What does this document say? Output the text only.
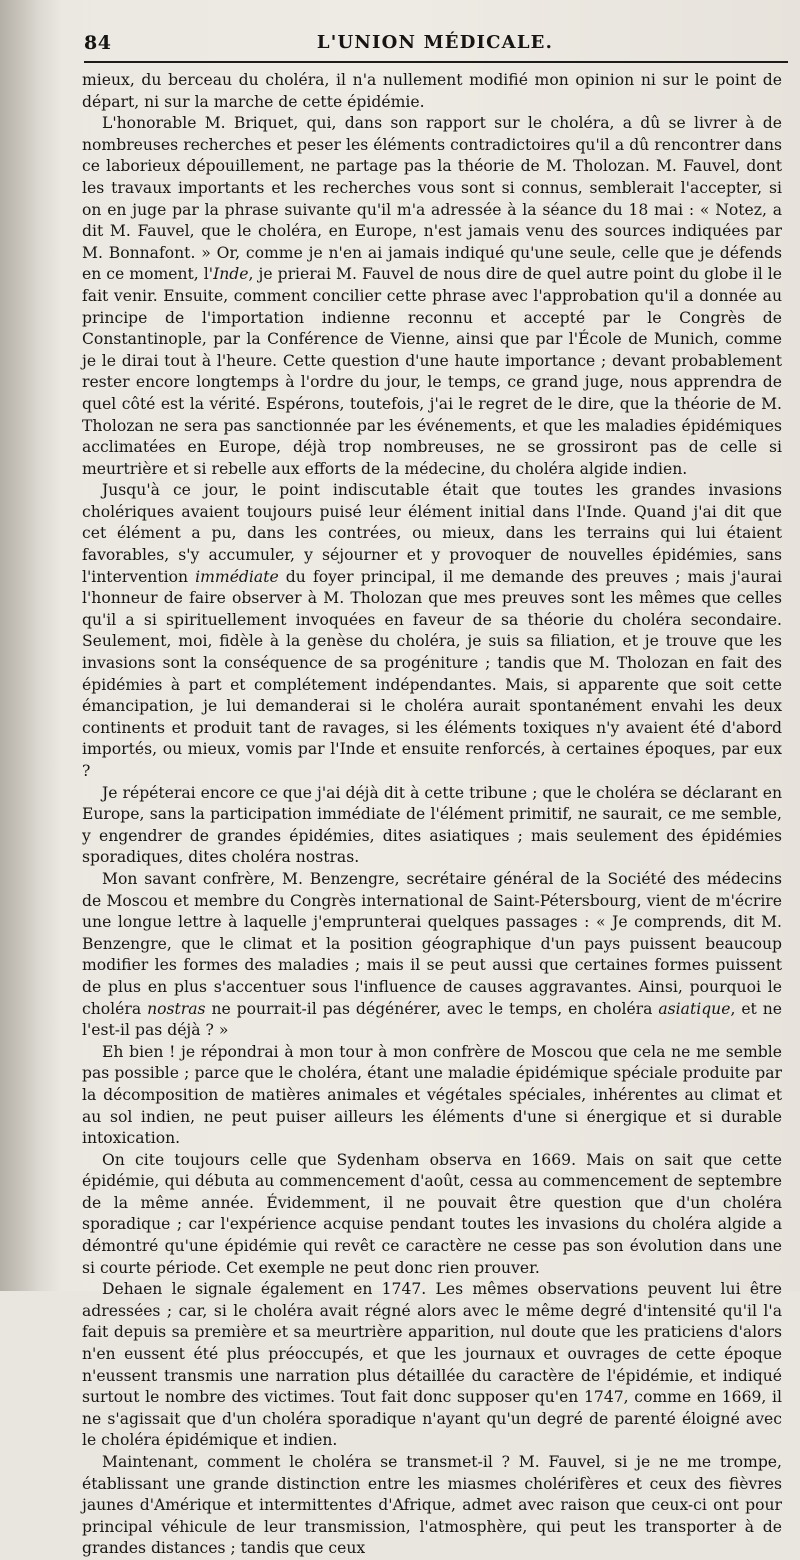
84	L'UNION MÉDICALE.

mieux, du berceau du choléra, il n'a nullement modifié mon opinion ni sur le point de départ, ni sur la marche de cette épidémie.

L'honorable M. Briquet, qui, dans son rapport sur le choléra, a dû se livrer à de nombreuses recherches et peser les éléments contradictoires qu'il a dû rencontrer dans ce laborieux dépouillement, ne partage pas la théorie de M. Tholozan. M. Fauvel, dont les travaux importants et les recherches vous sont si connus, semblerait l'accepter, si on en juge par la phrase suivante qu'il m'a adressée à la séance du 18 mai : « Notez, a dit M. Fauvel, que le choléra, en Europe, n'est jamais venu des sources indiquées par M. Bonnafont. » Or, comme je n'en ai jamais indiqué qu'une seule, celle que je défends en ce moment, l'Inde, je prierai M. Fauvel de nous dire de quel autre point du globe il le fait venir. Ensuite, comment concilier cette phrase avec l'approbation qu'il a donnée au principe de l'importation indienne reconnu et accepté par le Congrès de Constantinople, par la Conférence de Vienne, ainsi que par l'École de Munich, comme je le dirai tout à l'heure. Cette question d'une haute importance ; devant probablement rester encore longtemps à l'ordre du jour, le temps, ce grand juge, nous apprendra de quel côté est la vérité. Espérons, toutefois, j'ai le regret de le dire, que la théorie de M. Tholozan ne sera pas sanctionnée par les événements, et que les maladies épidémiques acclimatées en Europe, déjà trop nombreuses, ne se grossiront pas de celle si meurtrière et si rebelle aux efforts de la médecine, du choléra algide indien.

Jusqu'à ce jour, le point indiscutable était que toutes les grandes invasions cholériques avaient toujours puisé leur élément initial dans l'Inde. Quand j'ai dit que cet élément a pu, dans les contrées, ou mieux, dans les terrains qui lui étaient favorables, s'y accumuler, y séjourner et y provoquer de nouvelles épidémies, sans l'intervention immédiate du foyer principal, il me demande des preuves ; mais j'aurai l'honneur de faire observer à M. Tholozan que mes preuves sont les mêmes que celles qu'il a si spirituellement invoquées en faveur de sa théorie du choléra secondaire. Seulement, moi, fidèle à la genèse du choléra, je suis sa filiation, et je trouve que les invasions sont la conséquence de sa progéniture ; tandis que M. Tholozan en fait des épidémies à part et complétement indépendantes. Mais, si apparente que soit cette émancipation, je lui demanderai si le choléra aurait spontanément envahi les deux continents et produit tant de ravages, si les éléments toxiques n'y avaient été d'abord importés, ou mieux, vomis par l'Inde et ensuite renforcés, à certaines époques, par eux ?

Je répéterai encore ce que j'ai déjà dit à cette tribune ; que le choléra se déclarant en Europe, sans la participation immédiate de l'élément primitif, ne saurait, ce me semble, y engendrer de grandes épidémies, dites asiatiques ; mais seulement des épidémies sporadiques, dites choléra nostras.

Mon savant confrère, M. Benzengre, secrétaire général de la Société des médecins de Moscou et membre du Congrès international de Saint-Pétersbourg, vient de m'écrire une longue lettre à laquelle j'emprunterai quelques passages : « Je comprends, dit M. Benzengre, que le climat et la position géographique d'un pays puissent beaucoup modifier les formes des maladies ; mais il se peut aussi que certaines formes puissent de plus en plus s'accentuer sous l'influence de causes aggravantes. Ainsi, pourquoi le choléra nostras ne pourrait-il pas dégénérer, avec le temps, en choléra asiatique, et ne l'est-il pas déjà ? »

Eh bien ! je répondrai à mon tour à mon confrère de Moscou que cela ne me semble pas possible ; parce que le choléra, étant une maladie épidémique spéciale produite par la décomposition de matières animales et végétales spéciales, inhérentes au climat et au sol indien, ne peut puiser ailleurs les éléments d'une si énergique et si durable intoxication.

On cite toujours celle que Sydenham observa en 1669. Mais on sait que cette épidémie, qui débuta au commencement d'août, cessa au commencement de septembre de la même année. Évidemment, il ne pouvait être question que d'un choléra sporadique ; car l'expérience acquise pendant toutes les invasions du choléra algide a démontré qu'une épidémie qui revêt ce caractère ne cesse pas son évolution dans une si courte période. Cet exemple ne peut donc rien prouver.

Dehaen le signale également en 1747. Les mêmes observations peuvent lui être adressées ; car, si le choléra avait régné alors avec le même degré d'intensité qu'il l'a fait depuis sa première et sa meurtrière apparition, nul doute que les praticiens d'alors n'en eussent été plus préoccupés, et que les journaux et ouvrages de cette époque n'eussent transmis une narration plus détaillée du caractère de l'épidémie, et indiqué surtout le nombre des victimes. Tout fait donc supposer qu'en 1747, comme en 1669, il ne s'agissait que d'un choléra sporadique n'ayant qu'un degré de parenté éloigné avec le choléra épidémique et indien.

Maintenant, comment le choléra se transmet-il ? M. Fauvel, si je ne me trompe, établissant une grande distinction entre les miasmes cholérifères et ceux des fièvres jaunes d'Amérique et intermittentes d'Afrique, admet avec raison que ceux-ci ont pour principal véhicule de leur transmission, l'atmosphère, qui peut les transporter à de grandes distances ; tandis que ceux
